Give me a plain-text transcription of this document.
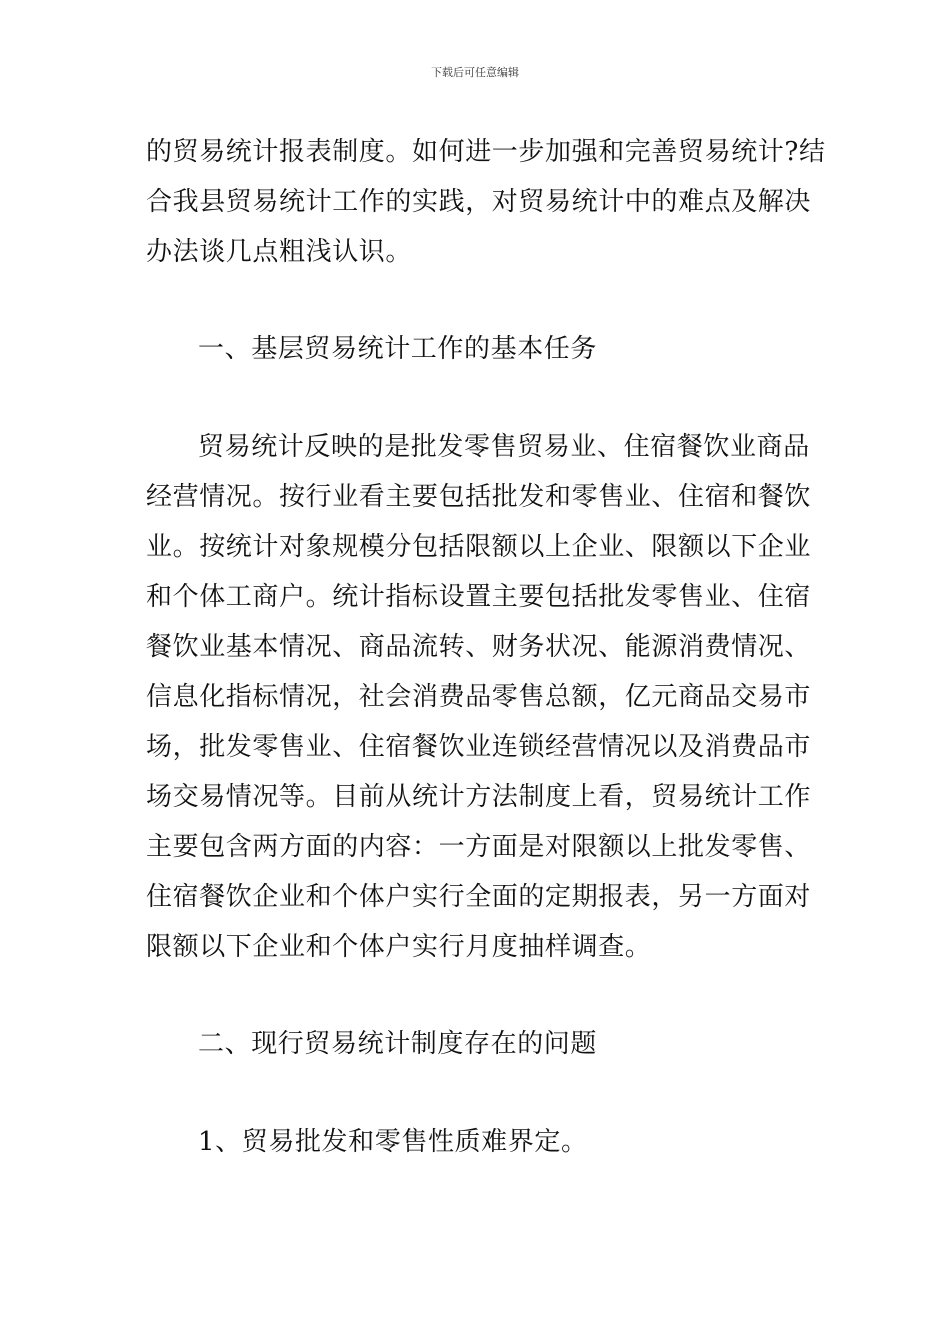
下载后可任意编辑
的贸易统计报表制度。如何进一步加强和完善贸易统计?结
合我县贸易统计工作的实践，对贸易统计中的难点及解决
办法谈几点粗浅认识。
一、基层贸易统计工作的基本任务
贸易统计反映的是批发零售贸易业、住宿餐饮业商品
经营情况。按行业看主要包括批发和零售业、住宿和餐饮
业。按统计对象规模分包括限额以上企业、限额以下企业
和个体工商户。统计指标设置主要包括批发零售业、住宿
餐饮业基本情况、商品流转、财务状况、能源消费情况、
信息化指标情况，社会消费品零售总额，亿元商品交易市
场，批发零售业、住宿餐饮业连锁经营情况以及消费品市
场交易情况等。目前从统计方法制度上看，贸易统计工作
主要包含两方面的内容：一方面是对限额以上批发零售、
住宿餐饮企业和个体户实行全面的定期报表，另一方面对
限额以下企业和个体户实行月度抽样调查。
二、现行贸易统计制度存在的问题
1、贸易批发和零售性质难界定。
